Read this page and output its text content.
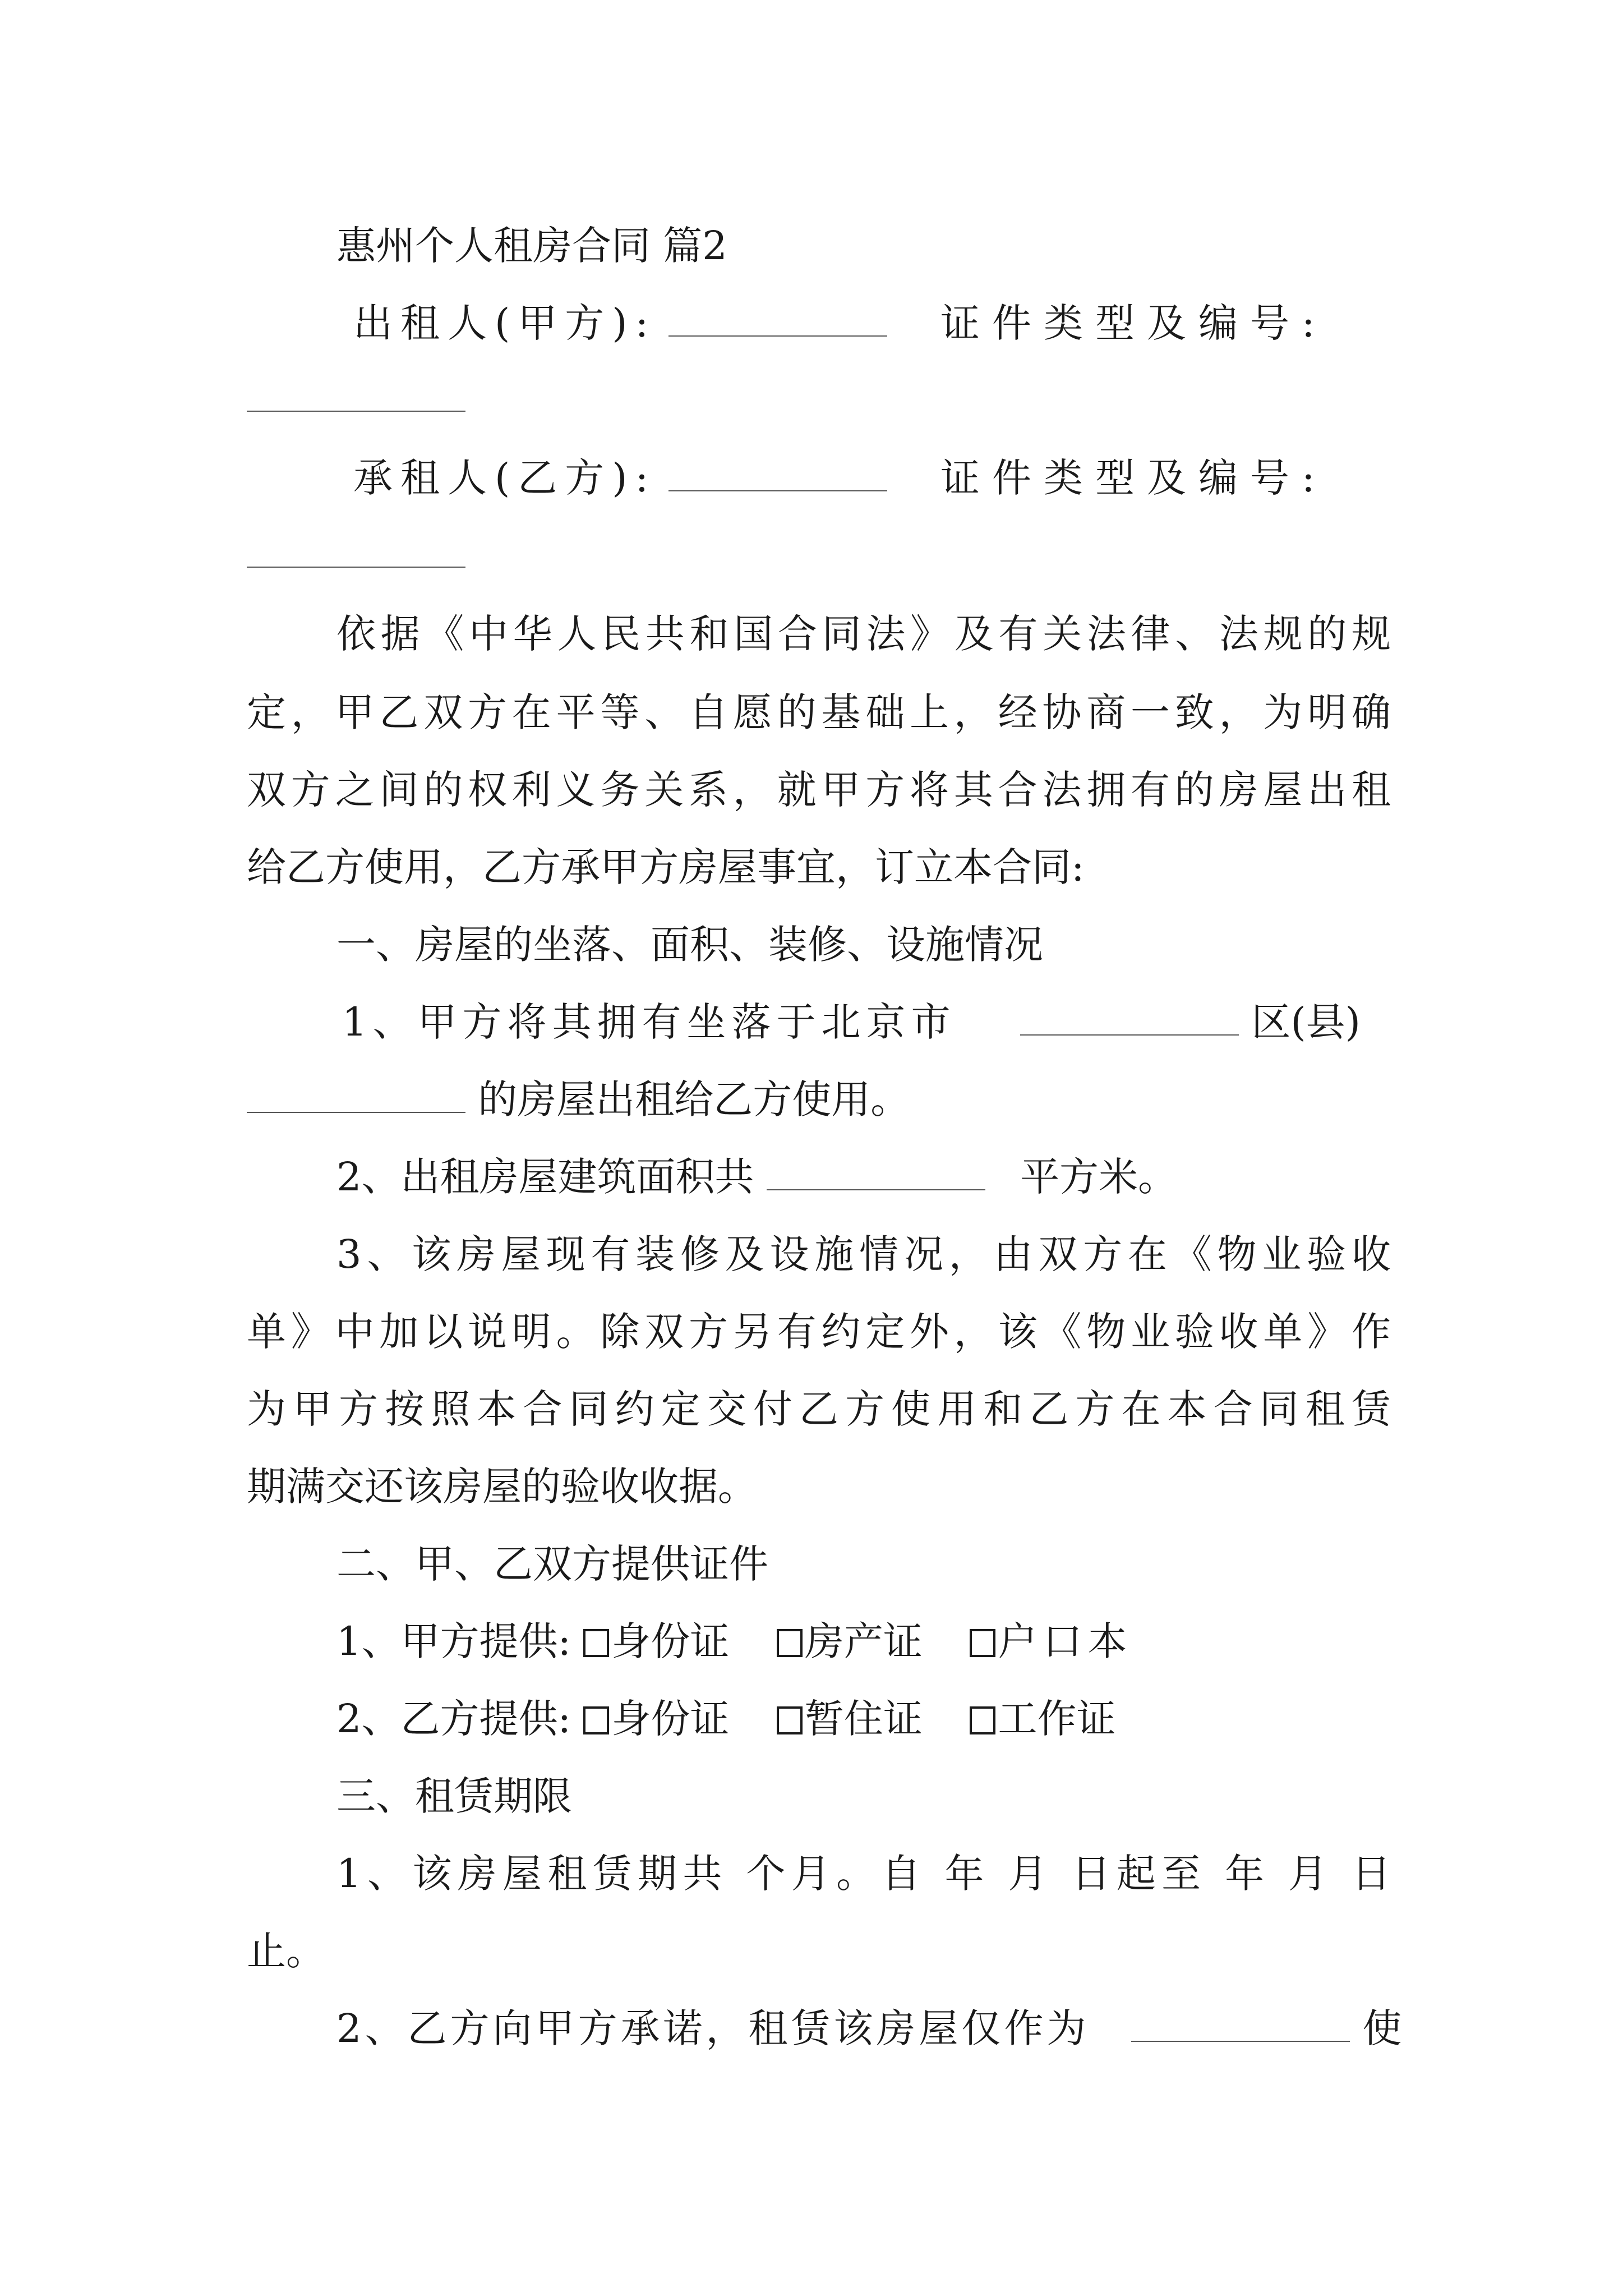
惠州个人租房合同 篇2
出租人(甲方):	证件类型及编号:
承租人(乙方):	证件类型及编号:
依据《中华人民共和国合同法》及有关法律、法规的规
定，甲乙双方在平等、自愿的基础上，经协商一致，为明确
双方之间的权利义务关系，就甲方将其合法拥有的房屋出租
给乙方使用，乙方承甲方房屋事宜，订立本合同:
一、房屋的坐落、面积、装修、设施情况
1、甲方将其拥有坐落于北京市	区(县)
的房屋出租给乙方使用。
2、出租房屋建筑面积共	平方米。
3、该房屋现有装修及设施情况，由双方在《物业验收
单》中加以说明。除双方另有约定外，该《物业验收单》作
为甲方按照本合同约定交付乙方使用和乙方在本合同租赁
期满交还该房屋的验收收据。
二、甲、乙双方提供证件
1、甲方提供: 身份证 房产证 户口本
2、乙方提供: 身份证 暂住证 工作证
三、租赁期限
1、该房屋租赁期共 个月。自 年 月 日起至 年 月 日
止。
2、乙方向甲方承诺，租赁该房屋仅作为	使
